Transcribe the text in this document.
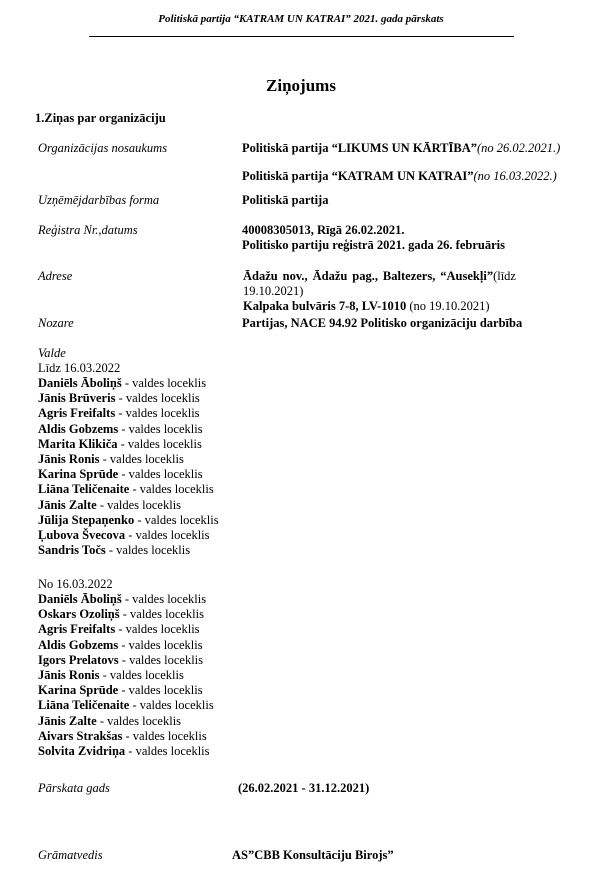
Politiskā partija “KATRAM UN KATRAI” 2021. gada pārskats
Ziņojums
1.Ziņas par organizāciju
Organizācijas nosaukums	Politiskā partija “LIKUMS UN KĀRTĪBA”(no 26.02.2021.)
Politiskā partija “KATRAM UN KATRAI”(no 16.03.2022.)
Uzņēmējdarbības forma	Politiskā partija
Reģistra Nr.,datums	40008305013, Rīgā 26.02.2021.
Politisko partiju reģistrā 2021. gada 26. februāris
Adrese	Ādažu nov., Ādažu pag., Baltezers, “Ausekļi”(līdz
19.10.2021)
Kalpaka bulvāris 7-8, LV-1010 (no 19.10.2021)
Nozare	Partijas, NACE 94.92 Politisko organizāciju darbība
Valde
Līdz 16.03.2022
Daniēls Āboliņš - valdes loceklis
Jānis Brūveris - valdes loceklis
Agris Freifalts - valdes loceklis
Aldis Gobzems - valdes loceklis
Marita Klikiča - valdes loceklis
Jānis Ronis - valdes loceklis
Karina Sprūde - valdes loceklis
Liāna Teličenaite - valdes loceklis
Jānis Zalte - valdes loceklis
Jūlija Stepaņenko - valdes loceklis
Ļubova Švecova - valdes loceklis
Sandris Točs - valdes loceklis
No 16.03.2022
Daniēls Āboliņš - valdes loceklis
Oskars Ozoliņš - valdes loceklis
Agris Freifalts - valdes loceklis
Aldis Gobzems - valdes loceklis
Igors Prelatovs - valdes loceklis
Jānis Ronis - valdes loceklis
Karina Sprūde - valdes loceklis
Liāna Teličenaite - valdes loceklis
Jānis Zalte - valdes loceklis
Aivars Strakšas - valdes loceklis
Solvita Zvidriņa - valdes loceklis
Pārskata gads	(26.02.2021 - 31.12.2021)
Grāmatvedis	AS”CBB Konsultāciju Birojs”
